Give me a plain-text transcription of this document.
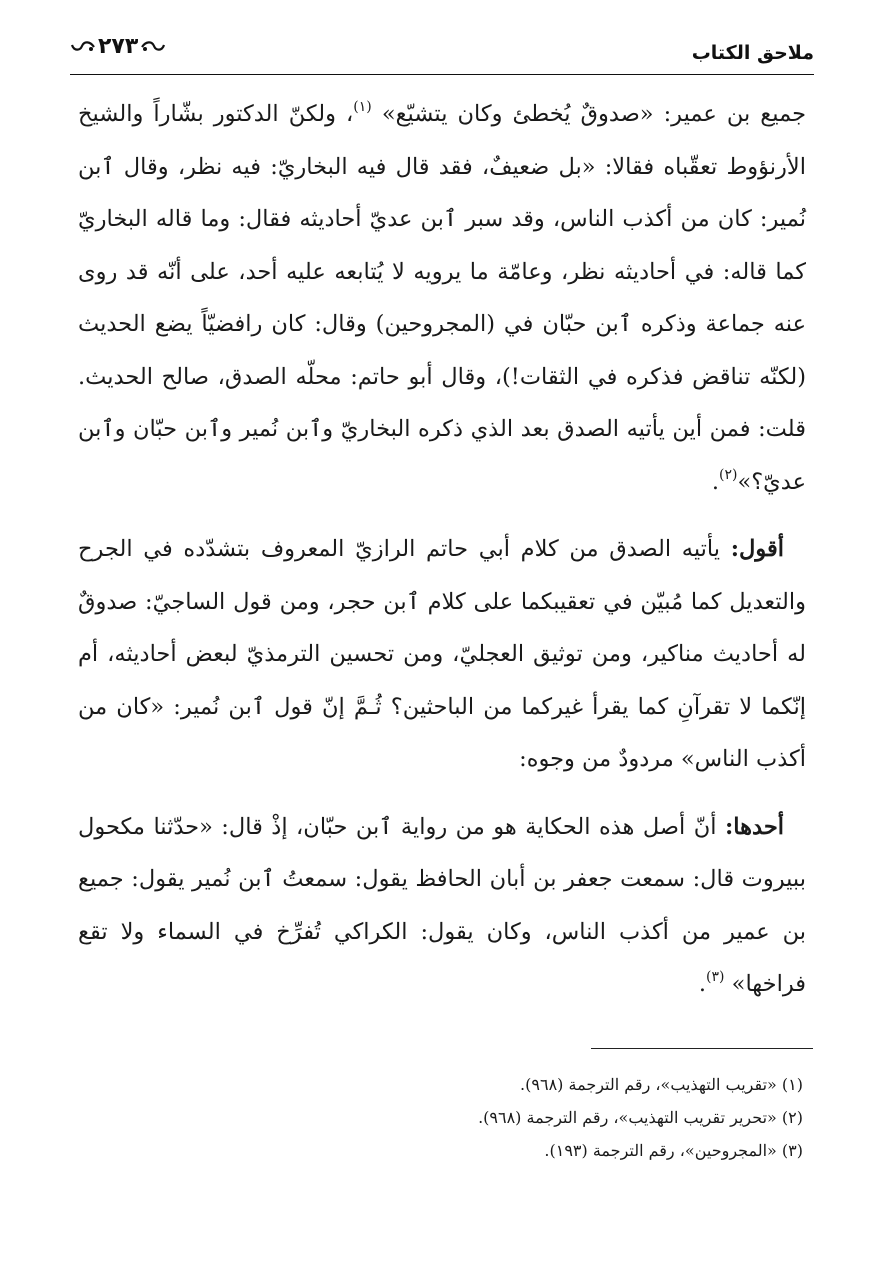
ملاحق الكتاب
٢٧٣

جميع بن عمير: «صدوقٌ يُخطئ وكان يتشيّع» $^{(١)}$، ولكنّ الدكتور بشّاراً والشيخ الأرنؤوط تعقّباه فقالا: «بل ضعيفٌ، فقد قال فيه البخاريّ: فيه نظر، وقال ٱبن نُمير: كان من أكذب الناس، وقد سبر ٱبن عديّ أحاديثه فقال: وما قاله البخاريّ كما قاله: في أحاديثه نظر، وعامّة ما يرويه لا يُتابعه عليه أحد، على أنّه قد روى عنه جماعة وذكره ٱبن حبّان في (المجروحين) وقال: كان رافضيّاً يضع الحديث (لكنّه تناقض فذكره في الثقات!)، وقال أبو حاتم: محلّه الصدق، صالح الحديث. قلت: فمن أين يأتيه الصدق بعد الذي ذكره البخاريّ وٱبن نُمير وٱبن حبّان وٱبن عديّ؟»$^{(٢)}$.

أقول: يأتيه الصدق من كلام أبي حاتم الرازيّ المعروف بتشدّده في الجرح والتعديل كما مُبيّن في تعقيبكما على كلام ٱبن حجر، ومن قول الساجيّ: صدوقٌ له أحاديث مناكير، ومن توثيق العجليّ، ومن تحسين الترمذيّ لبعض أحاديثه، أم إنّكما لا تقرآنِ كما يقرأ غيركما من الباحثين؟ ثُـمَّ إنّ قول ٱبن نُمير: «كان من أكذب الناس» مردودٌ من وجوه:

أحدها: أنّ أصل هذه الحكاية هو من رواية ٱبن حبّان، إذْ قال: «حدّثنا مكحول ببيروت قال: سمعت جعفر بن أبان الحافظ يقول: سمعتُ ٱبن نُمير يقول: جميع بن عمير من أكذب الناس، وكان يقول: الكراكي تُفرِّخ في السماء ولا تقع فراخها» $^{(٣)}$.

(١) «تقريب التهذيب»، رقم الترجمة (٩٦٨).

(٢) «تحرير تقريب التهذيب»، رقم الترجمة (٩٦٨).

(٣) «المجروحين»، رقم الترجمة (١٩٣).
